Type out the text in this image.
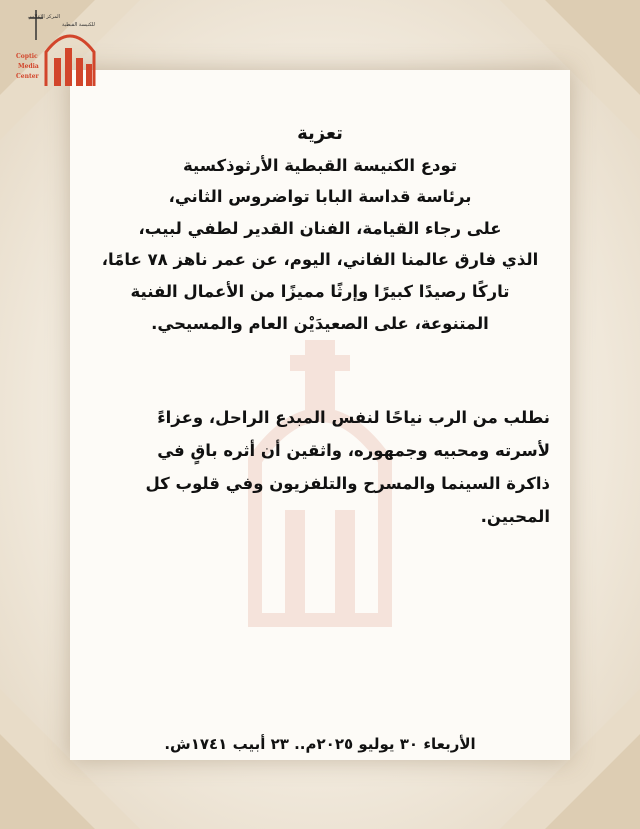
المركز الإعلامي
للكنيسة القبطية
Coptic
Media
Center
تعزية
تودع الكنيسة القبطية الأرثوذكسية
برئاسة قداسة البابا تواضروس الثاني،
على رجاء القيامة، الفنان القدير لطفي لبيب،
الذي فارق عالمنا الفاني، اليوم، عن عمر ناهز ٧٨ عامًا،
تاركًا رصيدًا كبيرًا وإرثًا مميزًا من الأعمال الفنية
المتنوعة، على الصعيدَيْن العام والمسيحي.
نطلب من الرب نياحًا لنفس المبدع الراحل، وعزاءً
لأسرته ومحبيه وجمهوره، واثقين أن أثره باقٍ في
ذاكرة السينما والمسرح والتلفزيون وفي قلوب كل
المحبين.
الأربعاء ٣٠ يوليو ٢٠٢٥م.. ٢٣ أبيب ١٧٤١ش.
